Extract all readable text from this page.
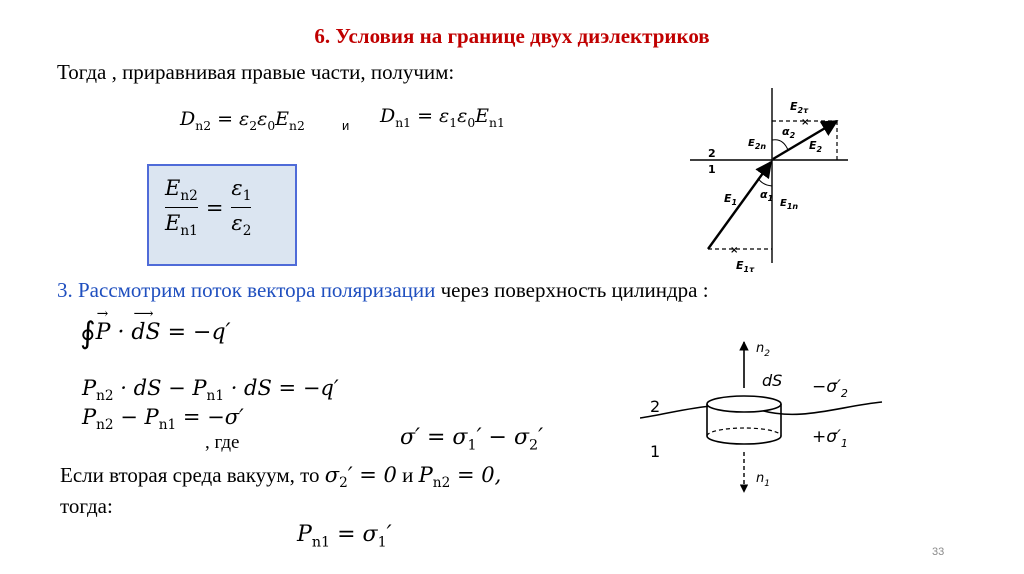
6. Условия на границе двух диэлектриков
Тогда , приравнивая правые части, получим:
$D_{n2} = \varepsilon_2\varepsilon_0E_{n2}$	и $D_{n1} = \varepsilon_1\varepsilon_0E_{n1}$
$\frac{E_{n2}}{E_{n1}} = \frac{\varepsilon_1}{\varepsilon_2}$
3. Рассмотрим поток вектора поляризации через поверхность цилиндра :
∮P
→
· dS
⟶
= −q′
$P_{n2}$ · dS − $P_{n1}$ · dS = −q′
$P_{n2} - P_{n1} = -\sigma'$
, где	$\sigma' = \sigma_1' - \sigma_2'$
Если вторая среда вакуум, то $\sigma_2' = 0$ и $P_{n2} = 0$,
тогда:
$P_{n1} = \sigma_1'$
33
×
×
2
1
$E_{2\tau}$
$E_{2n}$
$\alpha_2$
$E_2$
$E_1$
$\alpha_1$ $E_{1n}$
$E_{1\tau}$
$n_2$
dS $-\sigma'_2$
$+\sigma'_1$
2
1
$n_1$
